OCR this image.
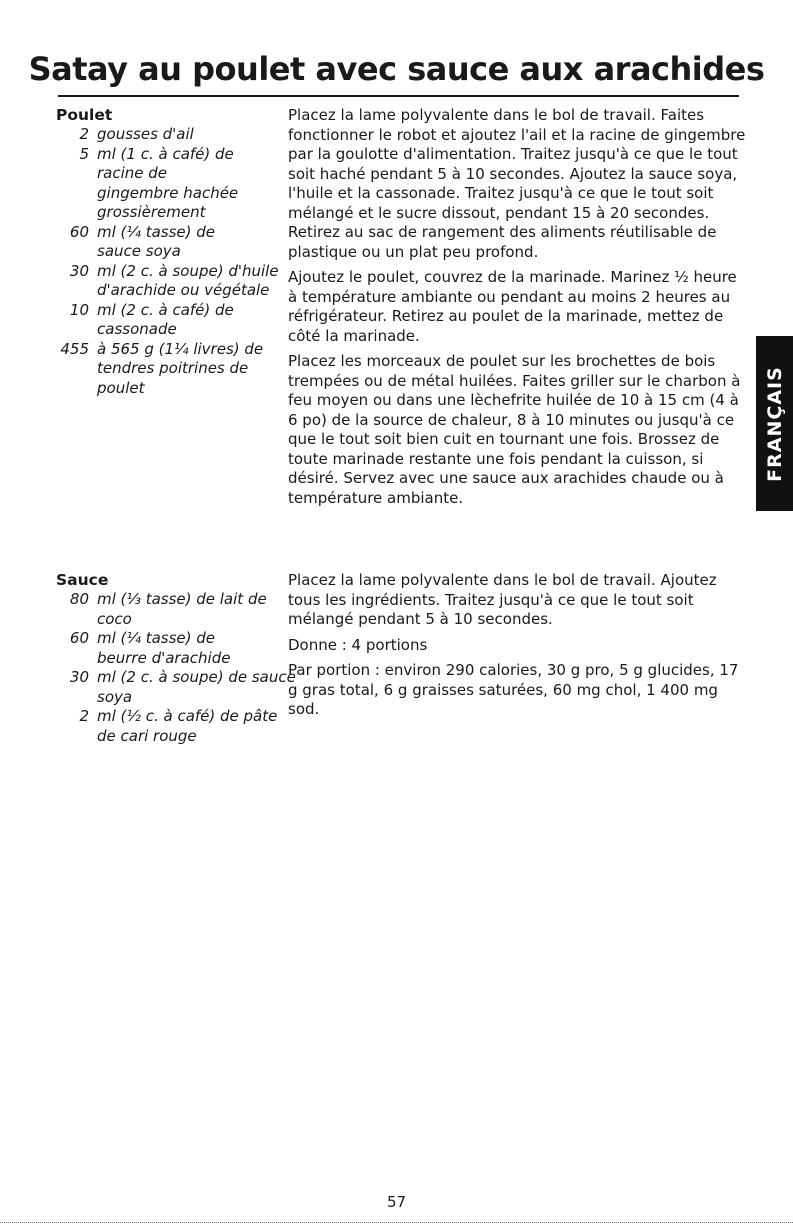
Satay au poulet avec sauce aux arachides
Poulet
2 gousses d'ail
5 ml (1 c. à café) de racine de gingembre hachée grossièrement
60 ml (¹⁄₄ tasse) de sauce soya
30 ml (2 c. à soupe) d'huile d'arachide ou végétale
10 ml (2 c. à café) de cassonade
455 à 565 g (1¹⁄₄ livres) de tendres poitrines de poulet

Placez la lame polyvalente dans le bol de travail. Faites fonctionner le robot et ajoutez l'ail et la racine de gingembre par la goulotte d'alimentation. Traitez jusqu'à ce que le tout soit haché pendant 5 à 10 secondes. Ajoutez la sauce soya, l'huile et la cassonade. Traitez jusqu'à ce que le tout soit mélangé et le sucre dissout, pendant 15 à 20 secondes. Retirez au sac de rangement des aliments réutilisable de plastique ou un plat peu profond.

Ajoutez le poulet, couvrez de la marinade. Marinez ¹⁄₂ heure à température ambiante ou pendant au moins 2 heures au réfrigérateur. Retirez au poulet de la marinade, mettez de côté la marinade.

Placez les morceaux de poulet sur les brochettes de bois trempées ou de métal huilées. Faites griller sur le charbon à feu moyen ou dans une lèchefrite huilée de 10 à 15 cm (4 à 6 po) de la source de chaleur, 8 à 10 minutes ou jusqu'à ce que le tout soit bien cuit en tournant une fois. Brossez de toute marinade restante une fois pendant la cuisson, si désiré. Servez avec une sauce aux arachides chaude ou à température ambiante.

Sauce
80 ml (¹⁄₃ tasse) de lait de coco
60 ml (¹⁄₄ tasse) de beurre d'arachide
30 ml (2 c. à soupe) de sauce soya
2 ml (¹⁄₂ c. à café) de pâte de cari rouge

Placez la lame polyvalente dans le bol de travail. Ajoutez tous les ingrédients. Traitez jusqu'à ce que le tout soit mélangé pendant 5 à 10 secondes.

Donne : 4 portions

Par portion : environ 290 calories, 30 g pro, 5 g glucides, 17 g gras total, 6 g graisses saturées, 60 mg chol, 1 400 mg sod.

FRANÇAIS
57
